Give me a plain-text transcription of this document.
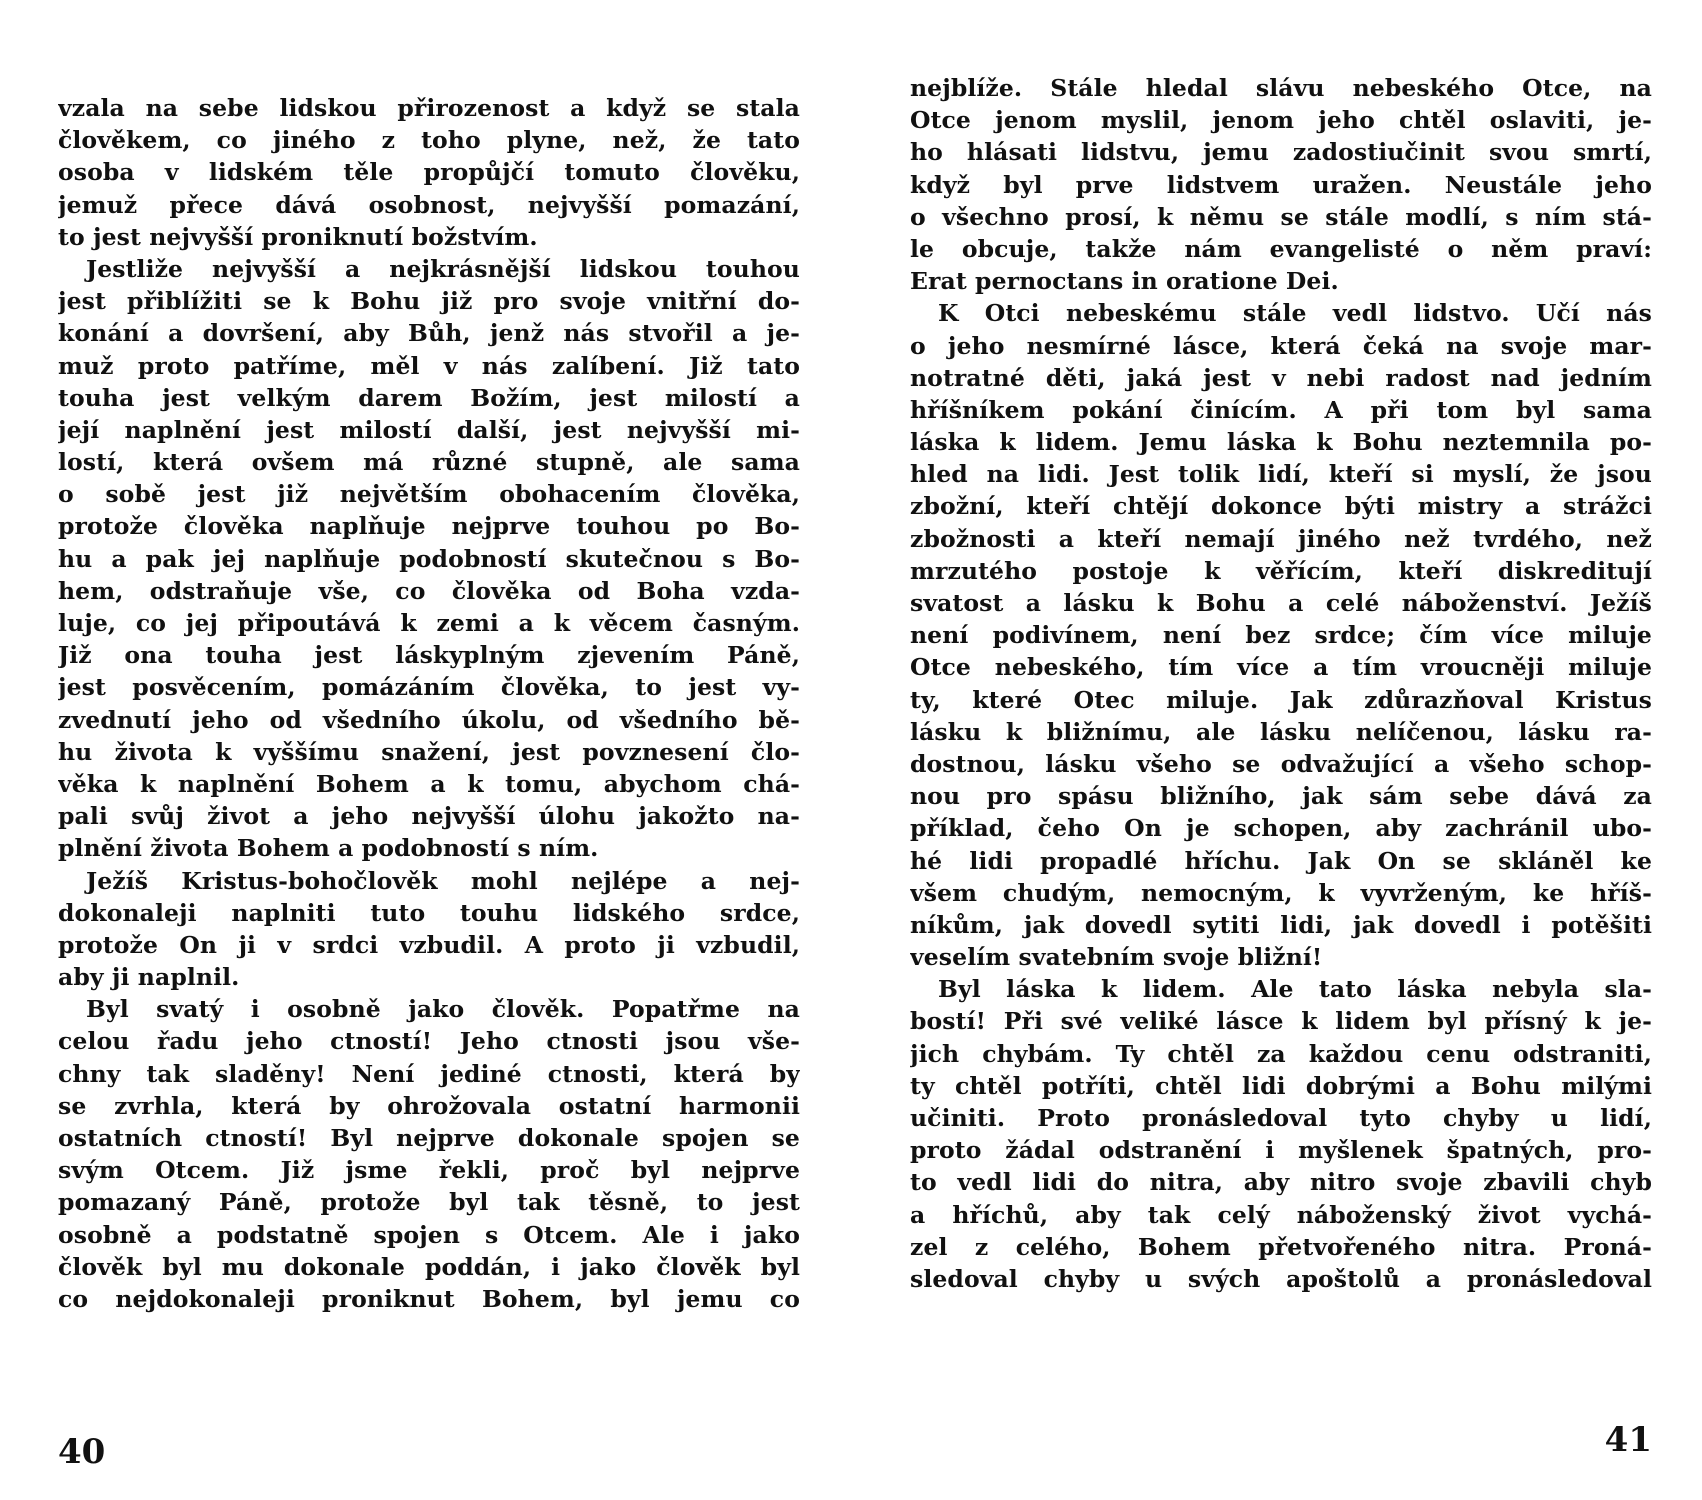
vzala na sebe lidskou přirozenost a když se stala
člověkem, co jiného z toho plyne, než, že tato
osoba v lidském těle propůjčí tomuto člověku,
jemuž přece dává osobnost, nejvyšší pomazání,
to jest nejvyšší proniknutí božstvím.
Jestliže nejvyšší a nejkrásnější lidskou touhou
jest přiblížiti se k Bohu již pro svoje vnitřní do-
konání a dovršení, aby Bůh, jenž nás stvořil a je-
muž proto patříme, měl v nás zalíbení. Již tato
touha jest velkým darem Božím, jest milostí a
její naplnění jest milostí další, jest nejvyšší mi-
lostí, která ovšem má různé stupně, ale sama
o sobě jest již největším obohacením člověka,
protože člověka naplňuje nejprve touhou po Bo-
hu a pak jej naplňuje podobností skutečnou s Bo-
hem, odstraňuje vše, co člověka od Boha vzda-
luje, co jej připoutává k zemi a k věcem časným.
Již ona touha jest láskyplným zjevením Páně,
jest posvěcením, pomázáním člověka, to jest vy-
zvednutí jeho od všedního úkolu, od všedního bě-
hu života k vyššímu snažení, jest povznesení člo-
věka k naplnění Bohem a k tomu, abychom chá-
pali svůj život a jeho nejvyšší úlohu jakožto na-
plnění života Bohem a podobností s ním.
Ježíš Kristus-bohočlověk mohl nejlépe a nej-
dokonaleji naplniti tuto touhu lidského srdce,
protože On ji v srdci vzbudil. A proto ji vzbudil,
aby ji naplnil.
Byl svatý i osobně jako člověk. Popatřme na
celou řadu jeho ctností! Jeho ctnosti jsou vše-
chny tak sladěny! Není jediné ctnosti, která by
se zvrhla, která by ohrožovala ostatní harmonii
ostatních ctností! Byl nejprve dokonale spojen se
svým Otcem. Již jsme řekli, proč byl nejprve
pomazaný Páně, protože byl tak těsně, to jest
osobně a podstatně spojen s Otcem. Ale i jako
člověk byl mu dokonale poddán, i jako člověk byl
co nejdokonaleji proniknut Bohem, byl jemu co
40
nejblíže. Stále hledal slávu nebeského Otce, na
Otce jenom myslil, jenom jeho chtěl oslaviti, je-
ho hlásati lidstvu, jemu zadostiučinit svou smrtí,
když byl prve lidstvem uražen. Neustále jeho
o všechno prosí, k němu se stále modlí, s ním stá-
le obcuje, takže nám evangelisté o něm praví:
Erat pernoctans in oratione Dei.
K Otci nebeskému stále vedl lidstvo. Učí nás
o jeho nesmírné lásce, která čeká na svoje mar-
notratné děti, jaká jest v nebi radost nad jedním
hříšníkem pokání činícím. A při tom byl sama
láska k lidem. Jemu láska k Bohu neztemnila po-
hled na lidi. Jest tolik lidí, kteří si myslí, že jsou
zbožní, kteří chtějí dokonce býti mistry a strážci
zbožnosti a kteří nemají jiného než tvrdého, než
mrzutého postoje k věřícím, kteří diskreditují
svatost a lásku k Bohu a celé náboženství. Ježíš
není podivínem, není bez srdce; čím více miluje
Otce nebeského, tím více a tím vroucněji miluje
ty, které Otec miluje. Jak zdůrazňoval Kristus
lásku k bližnímu, ale lásku nelíčenou, lásku ra-
dostnou, lásku všeho se odvažující a všeho schop-
nou pro spásu bližního, jak sám sebe dává za
příklad, čeho On je schopen, aby zachránil ubo-
hé lidi propadlé hříchu. Jak On se skláněl ke
všem chudým, nemocným, k vyvrženým, ke hříš-
níkům, jak dovedl sytiti lidi, jak dovedl i potěšiti
veselím svatebním svoje bližní!
Byl láska k lidem. Ale tato láska nebyla sla-
bostí! Při své veliké lásce k lidem byl přísný k je-
jich chybám. Ty chtěl za každou cenu odstraniti,
ty chtěl potříti, chtěl lidi dobrými a Bohu milými
učiniti. Proto pronásledoval tyto chyby u lidí,
proto žádal odstranění i myšlenek špatných, pro-
to vedl lidi do nitra, aby nitro svoje zbavili chyb
a hříchů, aby tak celý náboženský život vychá-
zel z celého, Bohem přetvořeného nitra. Proná-
sledoval chyby u svých apoštolů a pronásledoval
41
